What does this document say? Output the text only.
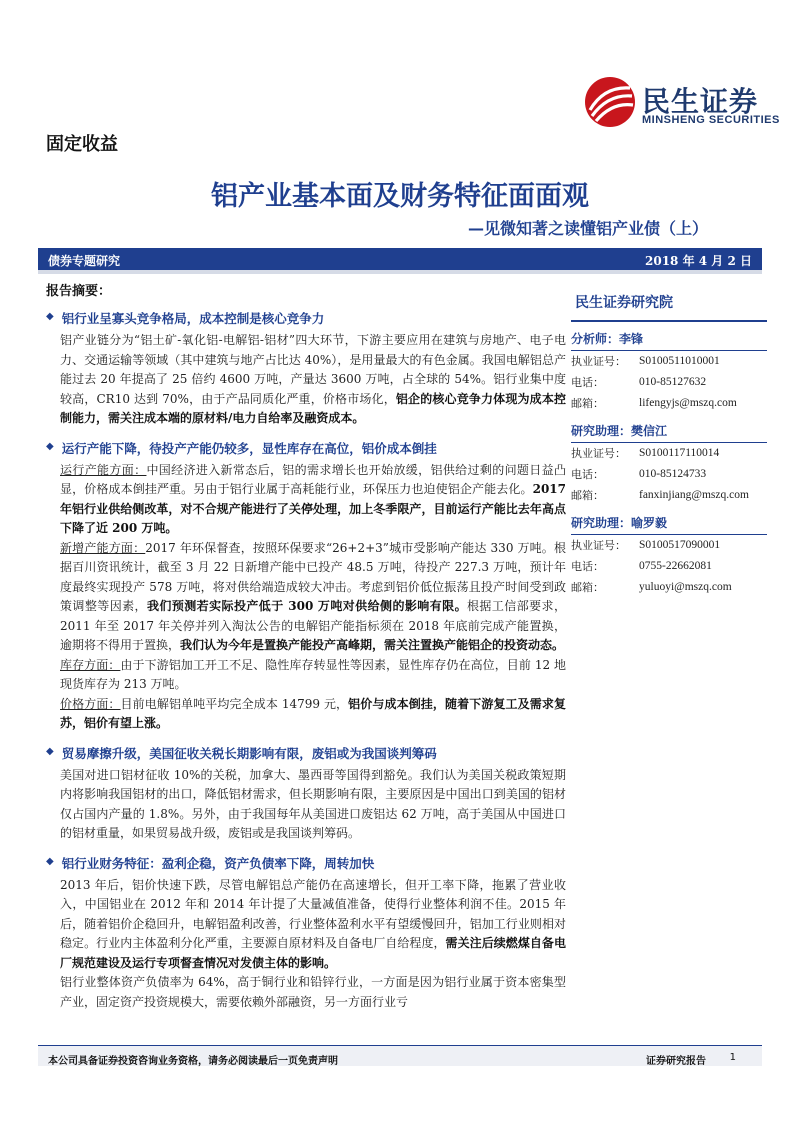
民生证券
MINSHENG SECURITIES
固定收益
铝产业基本面及财务特征面面观
—见微知著之读懂铝产业债（上）
债券专题研究	2018 年 4 月 2 日
报告摘要：
◆ 铝行业呈寡头竞争格局，成本控制是核心竞争力

铝产业链分为“铝土矿-氧化铝-电解铝-铝材”四大环节，下游主要应用在建筑与房地产、电子电力、交通运输等领域（其中建筑与地产占比达 40%），是用量最大的有色金属。我国电解铝总产能过去 20 年提高了 25 倍约 4600 万吨，产量达 3600 万吨，占全球的 54%。铝行业集中度较高，CR10 达到 70%，由于产品同质化严重，价格市场化，铝企的核心竞争力体现为成本控制能力，需关注成本端的原材料/电力自给率及融资成本。

◆ 运行产能下降，待投产产能仍较多，显性库存在高位，铝价成本倒挂

运行产能方面：中国经济进入新常态后，铝的需求增长也开始放缓，铝供给过剩的问题日益凸显，价格成本倒挂严重。另由于铝行业属于高耗能行业，环保压力也迫使铝企产能去化。2017 年铝行业供给侧改革，对不合规产能进行了关停处理，加上冬季限产，目前运行产能比去年高点下降了近 200 万吨。

新增产能方面：2017 年环保督查，按照环保要求“26+2+3”城市受影响产能达 330 万吨。根据百川资讯统计，截至 3 月 22 日新增产能中已投产 48.5 万吨，待投产 227.3 万吨，预计年度最终实现投产 578 万吨，将对供给端造成较大冲击。考虑到铝价低位振荡且投产时间受到政策调整等因素，我们预测若实际投产低于 300 万吨对供给侧的影响有限。根据工信部要求，2011 年至 2017 年关停并列入淘汰公告的电解铝产能指标须在 2018 年底前完成产能置换，逾期将不得用于置换，我们认为今年是置换产能投产高峰期，需关注置换产能铝企的投资动态。

库存方面：由于下游铝加工开工不足、隐性库存转显性等因素，显性库存仍在高位，目前 12 地现货库存为 213 万吨。

价格方面：目前电解铝单吨平均完全成本 14799 元，铝价与成本倒挂，随着下游复工及需求复苏，铝价有望上涨。

◆ 贸易摩擦升级，美国征收关税长期影响有限，废铝或为我国谈判筹码

美国对进口铝材征收 10%的关税，加拿大、墨西哥等国得到豁免。我们认为美国关税政策短期内将影响我国铝材的出口，降低铝材需求，但长期影响有限，主要原因是中国出口到美国的铝材仅占国内产量的 1.8%。另外，由于我国每年从美国进口废铝达 62 万吨，高于美国从中国进口的铝材重量，如果贸易战升级，废铝或是我国谈判筹码。

◆ 铝行业财务特征：盈利企稳，资产负债率下降，周转加快

2013 年后，铝价快速下跌，尽管电解铝总产能仍在高速增长，但开工率下降，拖累了营业收入，中国铝业在 2012 年和 2014 年计提了大量减值准备，使得行业整体利润不佳。2015 年后，随着铝价企稳回升，电解铝盈利改善，行业整体盈利水平有望缓慢回升，铝加工行业则相对稳定。行业内主体盈利分化严重，主要源自原材料及自备电厂自给程度，需关注后续燃煤自备电厂规范建设及运行专项督查情况对发债主体的影响。

铝行业整体资产负债率为 64%，高于铜行业和铅锌行业，一方面是因为铝行业属于资本密集型产业，固定资产投资规模大，需要依赖外部融资，另一方面行业亏

民生证券研究院
分析师：李锋
执业证号：	S0100511010001
电话：	010-85127632
邮箱：	lifengyjs@mszq.com
研究助理：樊信江
执业证号：	S0100117110014
电话：	010-85124733
邮箱：	fanxinjiang@mszq.com
研究助理：喻罗毅
执业证号：	S0100517090001
电话：	0755-22662081
邮箱：	yuluoyi@mszq.com
本公司具备证券投资咨询业务资格，请务必阅读最后一页免责声明	证券研究报告 1
